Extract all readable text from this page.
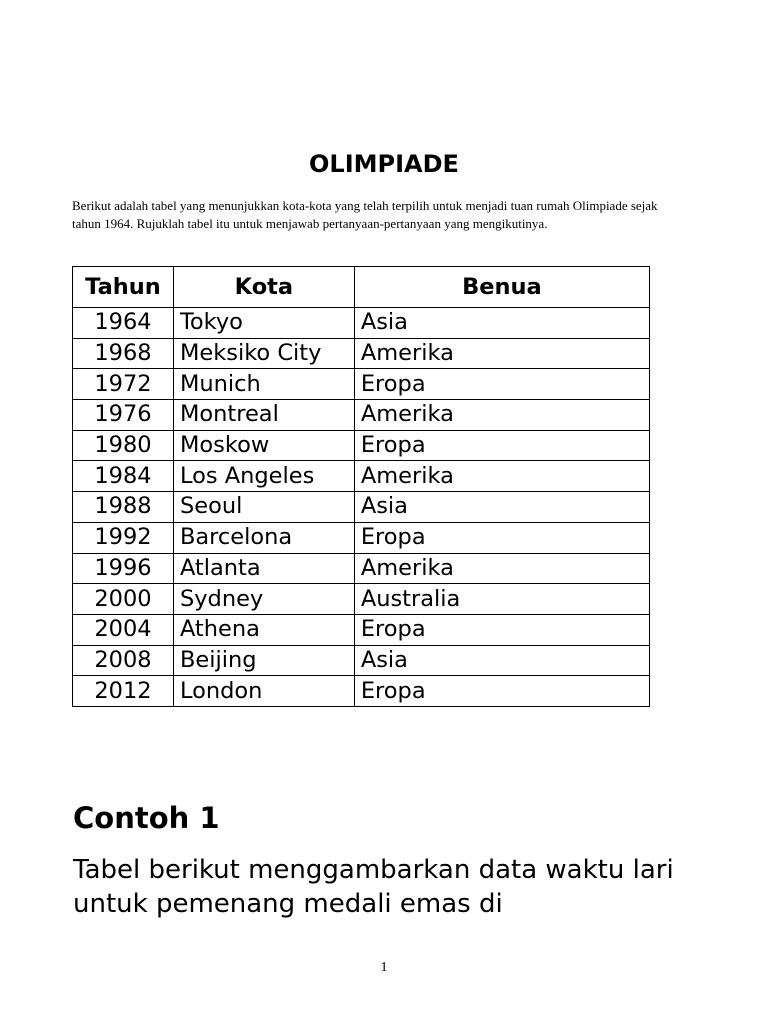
OLIMPIADE

Berikut adalah tabel yang menunjukkan kota-kota yang telah terpilih untuk menjadi tuan rumah Olimpiade sejak tahun 1964. Rujuklah tabel itu untuk menjawab pertanyaan-pertanyaan yang mengikutinya.

Tahun	Kota	Benua
1964	Tokyo	Asia
1968	Meksiko City	Amerika
1972	Munich	Eropa
1976	Montreal	Amerika
1980	Moskow	Eropa
1984	Los Angeles	Amerika
1988	Seoul	Asia
1992	Barcelona	Eropa
1996	Atlanta	Amerika
2000	Sydney	Australia
2004	Athena	Eropa
2008	Beijing	Asia
2012	London	Eropa
Contoh 1

Tabel berikut menggambarkan data waktu lari untuk pemenang medali emas di

1
